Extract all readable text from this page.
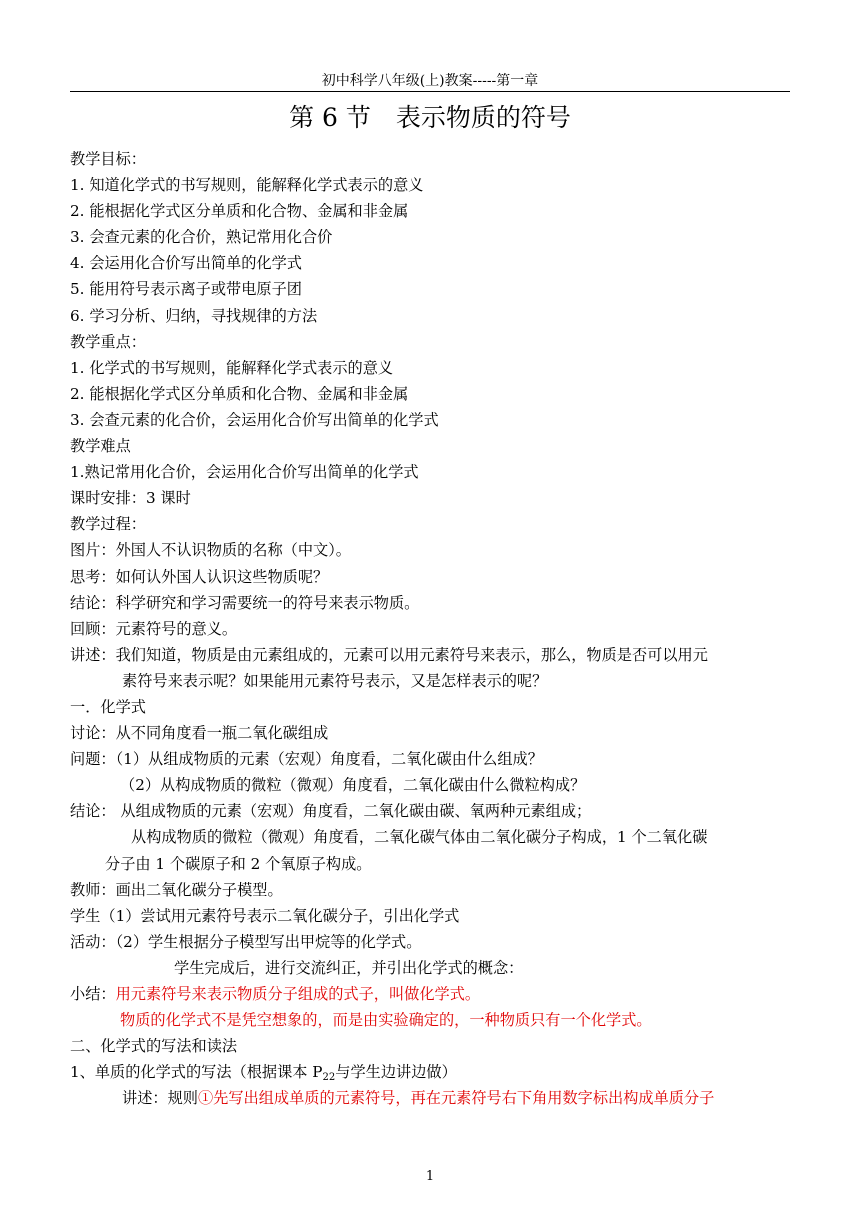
初中科学八年级(上)教案-----第一章
第 6 节　表示物质的符号
教学目标：
1. 知道化学式的书写规则，能解释化学式表示的意义
2. 能根据化学式区分单质和化合物、金属和非金属
3. 会查元素的化合价，熟记常用化合价
4. 会运用化合价写出简单的化学式
5. 能用符号表示离子或带电原子团
6. 学习分析、归纳，寻找规律的方法
教学重点：
1. 化学式的书写规则，能解释化学式表示的意义
2. 能根据化学式区分单质和化合物、金属和非金属
3. 会查元素的化合价，会运用化合价写出简单的化学式
教学难点
1.熟记常用化合价，会运用化合价写出简单的化学式
课时安排：3 课时
教学过程：
图片：外国人不认识物质的名称（中文）。
思考：如何认外国人认识这些物质呢？
结论：科学研究和学习需要统一的符号来表示物质。
回顾：元素符号的意义。
讲述：我们知道，物质是由元素组成的，元素可以用元素符号来表示，那么，物质是否可以用元
素符号来表示呢？如果能用元素符号表示，又是怎样表示的呢？
一．化学式
讨论：从不同角度看一瓶二氧化碳组成
问题：（1）从组成物质的元素（宏观）角度看，二氧化碳由什么组成？
（2）从构成物质的微粒（微观）角度看，二氧化碳由什么微粒构成？
结论： 从组成物质的元素（宏观）角度看，二氧化碳由碳、氧两种元素组成；
从构成物质的微粒（微观）角度看，二氧化碳气体由二氧化碳分子构成，1 个二氧化碳
分子由 1 个碳原子和 2 个氧原子构成。
教师：画出二氧化碳分子模型。
学生（1）尝试用元素符号表示二氧化碳分子，引出化学式
活动：（2）学生根据分子模型写出甲烷等的化学式。
学生完成后，进行交流纠正，并引出化学式的概念：
小结：用元素符号来表示物质分子组成的式子，叫做化学式。
物质的化学式不是凭空想象的，而是由实验确定的，一种物质只有一个化学式。
二、化学式的写法和读法
1、单质的化学式的写法（根据课本 $P_{22}$与学生边讲边做）
讲述：规则①先写出组成单质的元素符号，再在元素符号右下角用数字标出构成单质分子
1
